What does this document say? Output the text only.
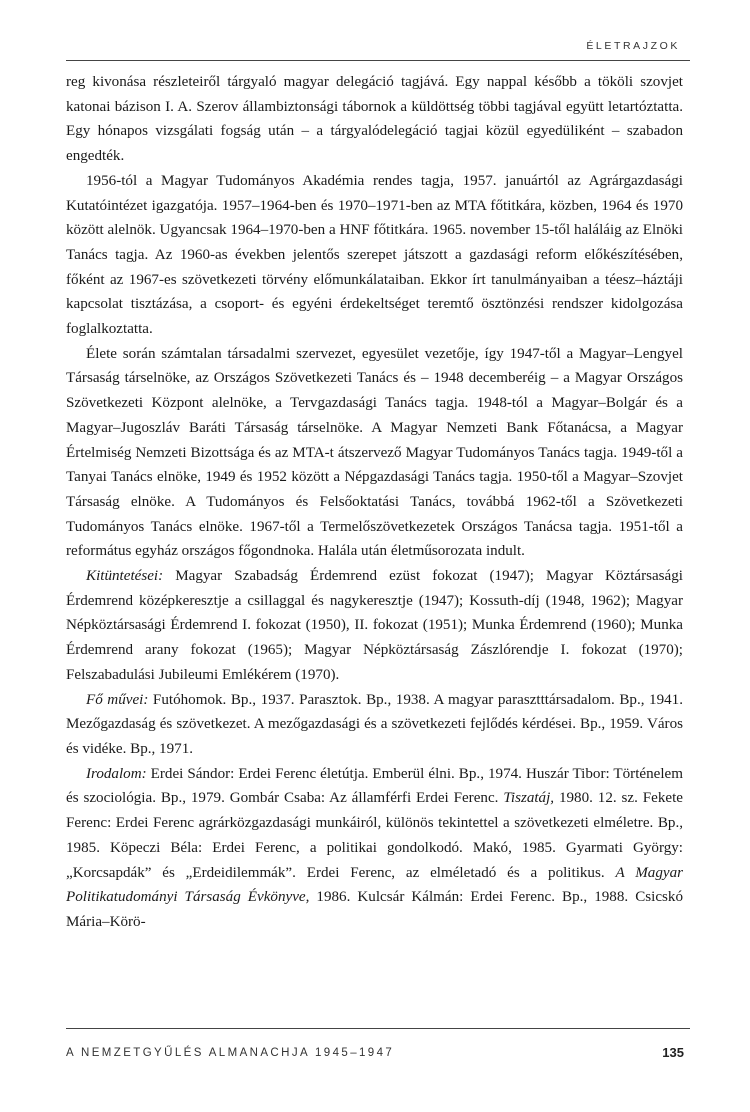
ÉLETRAJZOK

reg kivonása részleteiről tárgyaló magyar delegáció tagjává. Egy nappal később a tököli szovjet katonai bázison I. A. Szerov állambiztonsági tábornok a küldöttség többi tagjával együtt letartóztatta. Egy hónapos vizsgálati fogság után – a tárgyalódelegáció tagjai közül egyedüliként – szabadon engedték.

1956-tól a Magyar Tudományos Akadémia rendes tagja, 1957. januártól az Agrárgazdasági Kutatóintézet igazgatója. 1957–1964-ben és 1970–1971-ben az MTA főtitkára, közben, 1964 és 1970 között alelnök. Ugyancsak 1964–1970-ben a HNF főtitkára. 1965. november 15-től haláláig az Elnöki Tanács tagja. Az 1960-as években jelentős szerepet játszott a gazdasági reform előkészítésében, főként az 1967-es szövetkezeti törvény előmunkálataiban. Ekkor írt tanulmányaiban a téesz–háztáji kapcsolat tisztázása, a csoport- és egyéni érdekeltséget teremtő ösztönzési rendszer kidolgozása foglalkoztatta.

Élete során számtalan társadalmi szervezet, egyesület vezetője, így 1947-től a Magyar–Lengyel Társaság társelnöke, az Országos Szövetkezeti Tanács és – 1948 decemberéig – a Magyar Országos Szövetkezeti Központ alelnöke, a Tervgazdasági Tanács tagja. 1948-tól a Magyar–Bolgár és a Magyar–Jugoszláv Baráti Társaság társelnöke. A Magyar Nemzeti Bank Főtanácsa, a Magyar Értelmiség Nemzeti Bizottsága és az MTA-t átszervező Magyar Tudományos Tanács tagja. 1949-től a Tanyai Tanács elnöke, 1949 és 1952 között a Népgazdasági Tanács tagja. 1950-től a Magyar–Szovjet Társaság elnöke. A Tudományos és Felsőoktatási Tanács, továbbá 1962-től a Szövetkezeti Tudományos Tanács elnöke. 1967-től a Termelőszövetkezetek Országos Tanácsa tagja. 1951-től a református egyház országos főgondnoka. Halála után életműsorozata indult.

Kitüntetései: Magyar Szabadság Érdemrend ezüst fokozat (1947); Magyar Köztársasági Érdemrend középkeresztje a csillaggal és nagykeresztje (1947); Kossuth-díj (1948, 1962); Magyar Népköztársasági Érdemrend I. fokozat (1950), II. fokozat (1951); Munka Érdemrend (1960); Munka Érdemrend arany fokozat (1965); Magyar Népköztársaság Zászlórendje I. fokozat (1970); Felszabadulási Jubileumi Emlékérem (1970).

Fő művei: Futóhomok. Bp., 1937. Parasztok. Bp., 1938. A magyar parasztttársadalom. Bp., 1941. Mezőgazdaság és szövetkezet. A mezőgazdasági és a szövetkezeti fejlődés kérdései. Bp., 1959. Város és vidéke. Bp., 1971.

Irodalom: Erdei Sándor: Erdei Ferenc életútja. Emberül élni. Bp., 1974. Huszár Tibor: Történelem és szociológia. Bp., 1979. Gombár Csaba: Az államférfi Erdei Ferenc. Tiszatáj, 1980. 12. sz. Fekete Ferenc: Erdei Ferenc agrárközgazdasági munkáiról, különös tekintettel a szövetkezeti elméletre. Bp., 1985. Köpeczi Béla: Erdei Ferenc, a politikai gondolkodó. Makó, 1985. Gyarmati György: „Korcsapdák” és „Erdeidilemmák”. Erdei Ferenc, az elméletadó és a politikus. A Magyar Politikatudományi Társaság Évkönyve, 1986. Kulcsár Kálmán: Erdei Ferenc. Bp., 1988. Csicskó Mária–Körö-

A NEMZETGYŰLÉS ALMANACHJA 1945–1947	135
